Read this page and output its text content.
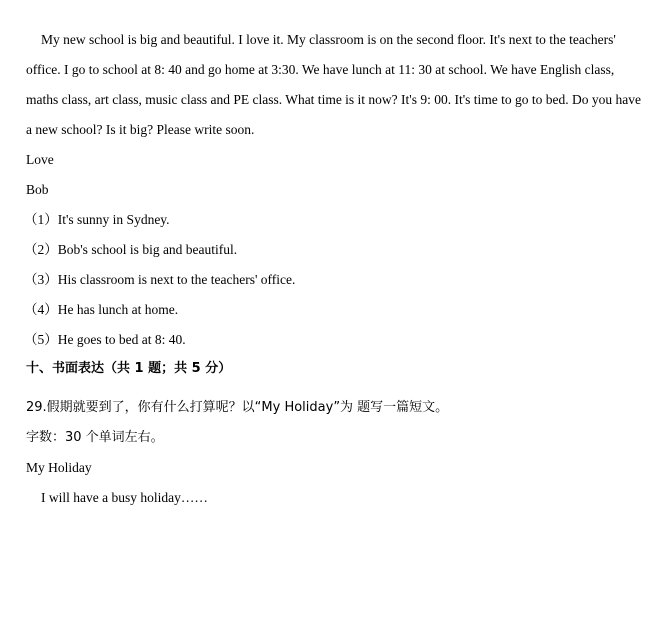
My new school is big and beautiful. I love it. My classroom is on the second floor. It's next to the teachers'
office. I go to school at 8: 40 and go home at 3:30. We have lunch at 11: 30 at school. We have English class,
maths class, art class, music class and PE class. What time is it now? It's 9: 00. It's time to go to bed. Do you have
a new school? Is it big? Please write soon.
Love
Bob
（1）It's sunny in Sydney.
（2）Bob's school is big and beautiful.
（3）His classroom is next to the teachers' office.
（4）He has lunch at home.
（5）He goes to bed at 8: 40.
十、书面表达（共 1 题；共 5 分）
29.假期就要到了，你有什么打算呢？以“My Holiday”为 题写一篇短文。
字数：30 个单词左右。
My Holiday
I will have a busy holiday……
